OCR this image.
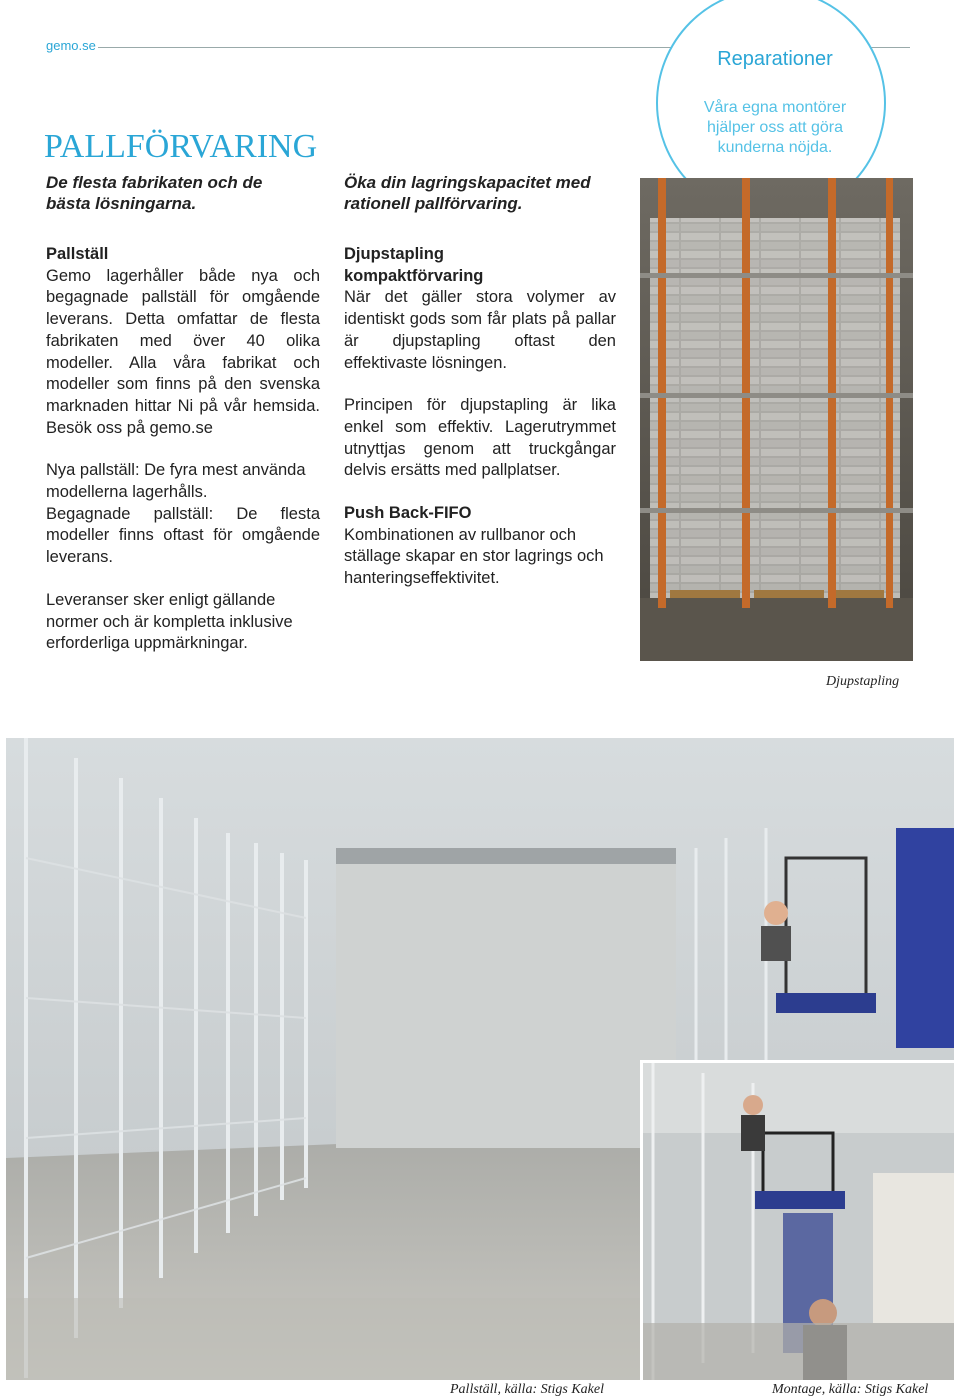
gemo.se
Reparationer
Våra egna montörer hjälper oss att göra kunderna nöjda.
PALLFÖRVARING
De flesta fabrikaten och de bästa lösningarna.
Öka din lagringskapacitet med rationell pallförvaring.
Pallställ
Gemo lagerhåller både nya och begagnade pallställ för omgående leverans. Detta omfattar de flesta fabrikaten med över 40 olika modeller. Alla våra fabrikat och modeller som finns på den svenska marknaden hittar Ni på vår hemsida. Besök oss på gemo.se
Nya pallställ: De fyra mest använda modellerna lagerhålls.
Begagnade pallställ: De flesta modeller finns oftast för omgående leverans.
Leveranser sker enligt gällande normer och är kompletta inklusive erforderliga uppmärkningar.
Djupstapling
kompaktförvaring
När det gäller stora volymer av identiskt gods som får plats på pallar är djupstapling oftast den effektivaste lösningen.
Principen för djupstapling är lika enkel som effektiv. Lagerutrymmet utnyttjas genom att truckgångar delvis ersätts med pallplatser.
Push Back-FIFO
Kombinationen av rullbanor och ställage skapar en stor lagrings och hanteringseffektivitet.
Djupstapling
Pallställ, källa: Stigs Kakel	Montage, källa: Stigs Kakel
